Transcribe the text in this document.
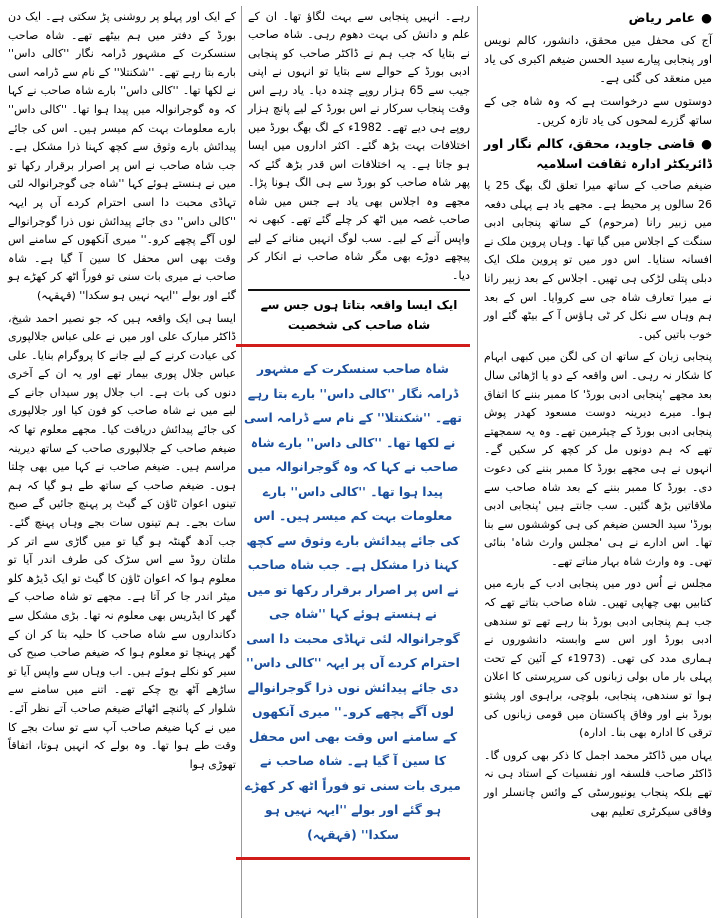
●عامر ریاض

آج کی محفل میں محقق، دانشور، کالم نویس اور پنجابی پیارے سید الحسن ضیغم اکبری کی یاد میں منعقد کی گئی ہے۔

دوستوں سے درخواست ہے کہ وہ شاہ جی کے ساتھ گزرے لمحوں کی یاد تازہ کریں۔

●قاضی جاوید، محقق، کالم نگار اور ڈائریکٹر ادارہ ثقافت اسلامیہ

ضیغم صاحب کے ساتھ میرا تعلق لگ بھگ 25 یا 26 سالوں پر محیط ہے۔ مجھے یاد ہے پہلی دفعہ میں زبیر رانا (مرحوم) کے ساتھ پنجابی ادبی سنگت کے اجلاس میں گیا تھا۔ وہاں پروین ملک نے افسانہ سنایا۔ اس دور میں تو پروین ملک ایک دبلی پتلی لڑکی ہی تھیں۔ اجلاس کے بعد زبیر رانا نے میرا تعارف شاہ جی سے کروایا۔ اس کے بعد ہم وہاں سے نکل کر ٹی ہاؤس آ کے بیٹھ گئے اور خوب باتیں کیں۔

پنجابی زبان کے ساتھ ان کی لگن میں کبھی ابہام کا شکار نہ رہی۔ اس واقعہ کے دو یا اڑھائی سال بعد مجھے 'پنجابی ادبی بورڈ' کا ممبر بننے کا اتفاق ہوا۔ میرے دیرینہ دوست مسعود کھدر پوش پنجابی ادبی بورڈ کے چیئرمین تھے۔ وہ یہ سمجھتے تھے کہ ہم دونوں مل کر کچھ کر سکیں گے۔ انہوں نے ہی مجھے بورڈ کا ممبر بننے کی دعوت دی۔ بورڈ کا ممبر بننے کے بعد شاہ صاحب سے ملاقاتیں بڑھ گئیں۔ سب جانتے ہیں 'پنجابی ادبی بورڈ' سید الحسن ضیغم کی ہی کوششوں سے بنا تھا۔ اس ادارے نے ہی 'مجلس وارث شاہ' بنائی تھی۔ وہ وارث شاہ بہار مناتے تھے۔

مجلس نے اُس دور میں پنجابی ادب کے بارے میں کتابیں بھی چھاپی تھیں۔ شاہ صاحب بتاتے تھے کہ جب ہم پنجابی ادبی بورڈ بنا رہے تھے تو سندھی ادبی بورڈ اور اس سے وابستہ دانشوروں نے ہماری مدد کی تھی۔ (1973ء کے آئین کے تحت پہلی بار ماں بولی زبانوں کی سرپرستی کا اعلان ہوا تو سندھی، پنجابی، بلوچی، براہوی اور پشتو بورڈ بنے اور وفاق پاکستان میں قومی زبانوں کی ترقی کا ادارہ بھی بنا۔ ادارہ)

یہاں میں ڈاکٹر محمد اجمل کا ذکر بھی کروں گا۔ ڈاکٹر صاحب فلسفہ اور نفسیات کے استاد ہی نہ تھے بلکہ پنجاب یونیورسٹی کے وائس چانسلر اور وفاقی سیکرٹری تعلیم بھی

رہے۔ انہیں پنجابی سے بہت لگاؤ تھا۔ ان کے علم و دانش کی بہت دھوم رہی۔ شاہ صاحب نے بتایا کہ جب ہم نے ڈاکٹر صاحب کو پنجابی ادبی بورڈ کے حوالے سے بتایا تو انہوں نے اپنی جیب سے 65 ہزار روپے چندہ دیا۔ یاد رہے اس وقت پنجاب سرکار نے اس بورڈ کے لیے پانچ ہزار روپے ہی دیے تھے۔ 1982ء کے لگ بھگ بورڈ میں اختلافات بہت بڑھ گئے۔ اکثر اداروں میں ایسا ہو جاتا ہے۔ یہ اختلافات اس قدر بڑھ گئے کہ پھر شاہ صاحب کو بورڈ سے ہی الگ ہونا پڑا۔ مجھے وہ اجلاس بھی یاد ہے جس میں شاہ صاحب غصہ میں اٹھ کر چلے گئے تھے۔ کبھی نہ واپس آنے کے لیے۔ سب لوگ انہیں منانے کے لیے پیچھے دوڑے بھی مگر شاہ صاحب نے انکار کر دیا۔

ایک ایسا واقعہ بتاتا ہوں جس سے شاہ صاحب کی شخصیت

شاہ صاحب سنسکرت کے مشہور ڈرامہ نگار ''کالی داس'' بارے بتا رہے تھے۔ ''شکنتلا'' کے نام سے ڈرامہ اسی نے لکھا تھا۔ ''کالی داس'' بارے شاہ صاحب نے کہا کہ وہ گوجرانوالہ میں پیدا ہوا تھا۔ ''کالی داس'' بارے معلومات بہت کم میسر ہیں۔ اس کی جائے پیدائش بارے وثوق سے کچھ کہنا ذرا مشکل ہے۔ جب شاہ صاحب نے اس پر اصرار برقرار رکھا تو میں نے ہنستے ہوئے کہا ''شاہ جی گوجرانوالہ لئی تہاڈی محبت دا اسی احترام کردے آں پر ایہہ ''کالی داس'' دی جائے پیدائش نوں ذرا گوجرانوالے لوں آگے پچھے کرو۔'' میری آنکھوں کے سامنے اس وقت بھی اس محفل کا سین آ گیا ہے۔ شاہ صاحب نے میری بات سنی تو فوراً اٹھ کر کھڑے ہو گئے اور بولے ''ایہہ نہیں ہو سکدا'' (قہقہہ)

کے ایک اور پہلو پر روشنی پڑ سکتی ہے۔ ایک دن بورڈ کے دفتر میں ہم بیٹھے تھے۔ شاہ صاحب سنسکرت کے مشہور ڈرامہ نگار ''کالی داس'' بارے بتا رہے تھے۔ ''شکنتلا'' کے نام سے ڈرامہ اسی نے لکھا تھا۔ ''کالی داس'' بارے شاہ صاحب نے کہا کہ وہ گوجرانوالہ میں پیدا ہوا تھا۔ ''کالی داس'' بارے معلومات بہت کم میسر ہیں۔ اس کی جائے پیدائش بارے وثوق سے کچھ کہنا ذرا مشکل ہے۔ جب شاہ صاحب نے اس پر اصرار برقرار رکھا تو میں نے ہنستے ہوئے کہا ''شاہ جی گوجرانوالہ لئی تہاڈی محبت دا اسی احترام کردے آں پر ایہہ ''کالی داس'' دی جائے پیدائش نوں ذرا گوجرانوالے لوں آگے پچھے کرو۔'' میری آنکھوں کے سامنے اس وقت بھی اس محفل کا سین آ گیا ہے۔ شاہ صاحب نے میری بات سنی تو فوراً اٹھ کر کھڑے ہو گئے اور بولے ''ایہہ نہیں ہو سکدا'' (قہقہہ)

ایسا ہی ایک واقعہ ہیں کہ جو نصیر احمد شیخ، ڈاکٹر مبارک علی اور میں نے علی عباس جلالپوری کی عیادت کرنے کے لیے جانے کا پروگرام بنایا۔ علی عباس جلال پوری بیمار تھے اور یہ ان کے آخری دنوں کی بات ہے۔ اب جلال پور سیداں جانے کے لیے میں نے شاہ صاحب کو فون کیا اور جلالپوری کی جائے پیدائش دریافت کیا۔ مجھے معلوم تھا کہ ضیغم صاحب کے جلالپوری صاحب کے ساتھ دیرینہ مراسم ہیں۔ ضیغم صاحب نے کہا میں بھی چلتا ہوں۔ ضیغم صاحب کے ساتھ طے ہو گیا کہ ہم تینوں اعوان ٹاؤن کے گیٹ پر پہنچ جائیں گے صبح سات بجے۔ ہم تینوں سات بجے وہاں پہنچ گئے۔ جب آدھ گھنٹہ ہو گیا تو میں گاڑی سے اتر کر ملتان روڈ سے اس سڑک کی طرف اندر آیا تو معلوم ہوا کہ اعوان ٹاؤن کا گیٹ تو ایک ڈیڑھ کلو میٹر اندر جا کر آتا ہے۔ مجھے تو شاہ صاحب کے گھر کا ایڈریس بھی معلوم نہ تھا۔ بڑی مشکل سے دکانداروں سے شاہ صاحب کا حلیہ بتا کر ان کے گھر پہنچا تو معلوم ہوا کہ ضیغم صاحب صبح کی سیر کو نکلے ہوئے ہیں۔ اب وہاں سے واپس آیا تو ساڑھے آٹھ بج چکے تھے۔ اتنے میں سامنے سے شلوار کے پائنچے اٹھائے ضیغم صاحب آتے نظر آئے۔ میں نے کہا ضیغم صاحب آپ سے تو سات بجے کا وقت طے ہوا تھا۔ وہ بولے کہ انہیں ہوتا، اتفاقاً تھوڑی ہوا
